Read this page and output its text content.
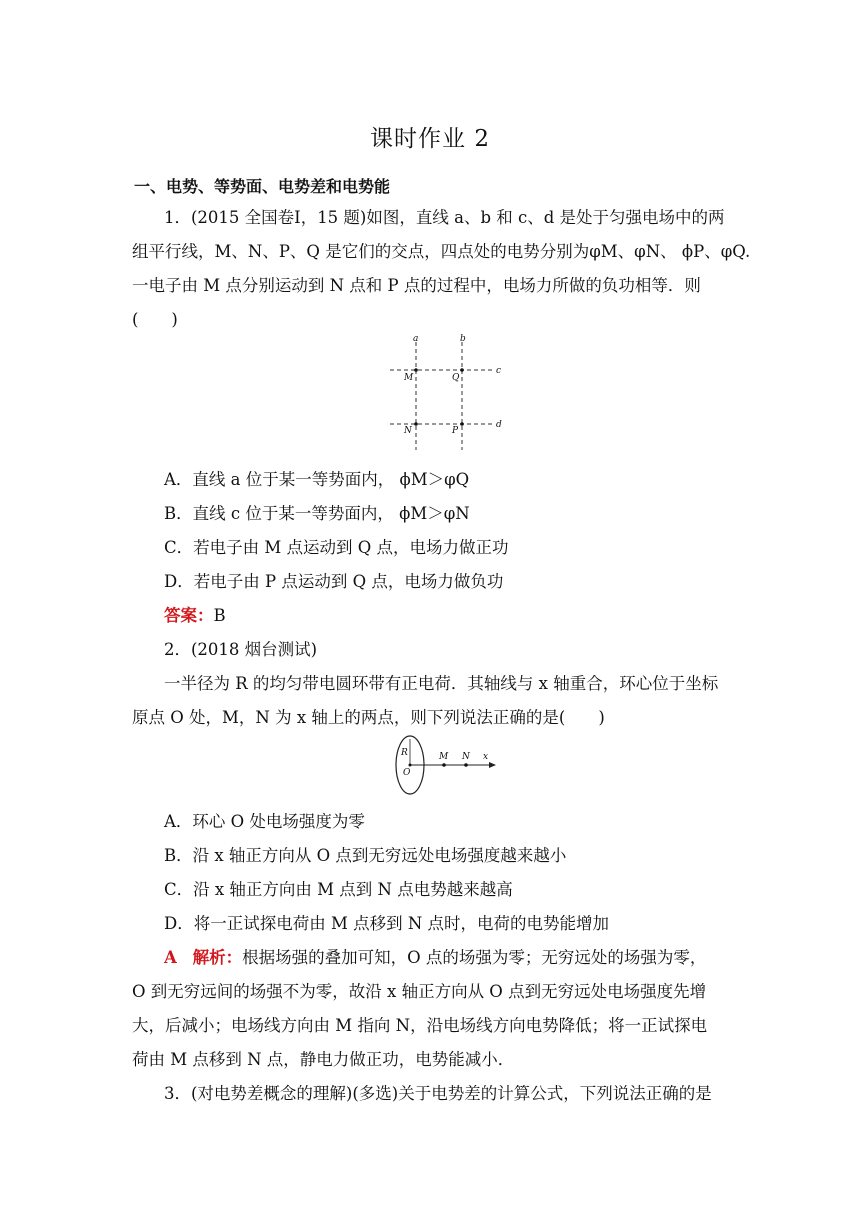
课时作业 2
一、电势、等势面、电势差和电势能
1．(2015 全国卷Ⅰ，15 题)如图，直线 a、b 和 c、d 是处于匀强电场中的两
组平行线，M、N、P、Q 是它们的交点，四点处的电势分别为φM、φN、 ϕP、φQ.
一电子由 M 点分别运动到 N 点和 P 点的过程中，电场力所做的负功相等．则
(　　)
a	b
c
d
M	Q
N	P
A．直线 a 位于某一等势面内， ϕM＞φQ
B．直线 c 位于某一等势面内， ϕM＞φN
C．若电子由 M 点运动到 Q 点，电场力做正功
D．若电子由 P 点运动到 Q 点，电场力做负功
答案：B
2．(2018 烟台测试)
一半径为 R 的均匀带电圆环带有正电荷．其轴线与 x 轴重合，环心位于坐标
原点 O 处，M，N 为 x 轴上的两点，则下列说法正确的是(　　)
R
O
M N x
A．环心 O 处电场强度为零
B．沿 x 轴正方向从 O 点到无穷远处电场强度越来越小
C．沿 x 轴正方向由 M 点到 N 点电势越来越高
D．将一正试探电荷由 M 点移到 N 点时，电荷的电势能增加
A 解析：根据场强的叠加可知，O 点的场强为零；无穷远处的场强为零，
O 到无穷远间的场强不为零，故沿 x 轴正方向从 O 点到无穷远处电场强度先增
大，后减小；电场线方向由 M 指向 N，沿电场线方向电势降低；将一正试探电
荷由 M 点移到 N 点，静电力做正功，电势能减小．
3．(对电势差概念的理解)(多选)关于电势差的计算公式，下列说法正确的是
